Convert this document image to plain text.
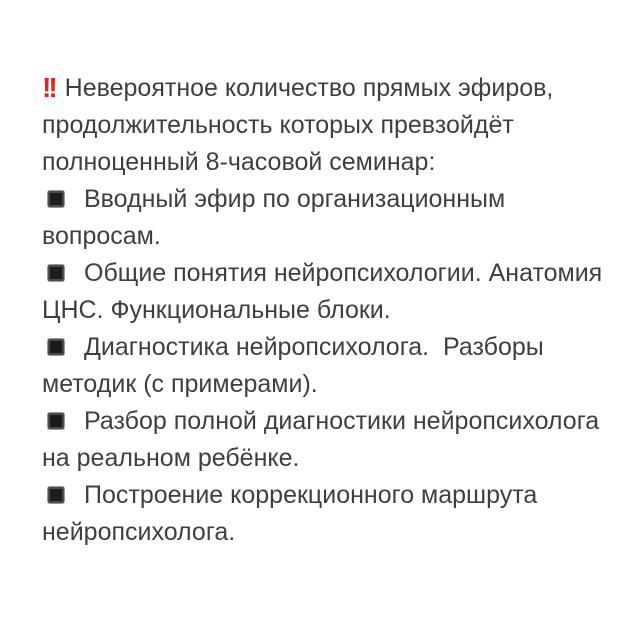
!! Невероятное количество прямых эфиров, продолжительность которых превзойдёт полноценный 8-часовой семинар:

Вводный эфир по организационным вопросам.

Общие понятия нейропсихологии. Анатомия ЦНС. Функциональные блоки.

Диагностика нейропсихолога.  Разборы методик (с примерами).

Разбор полной диагностики нейропсихолога на реальном ребёнке.

Построение коррекционного маршрута нейропсихолога.
